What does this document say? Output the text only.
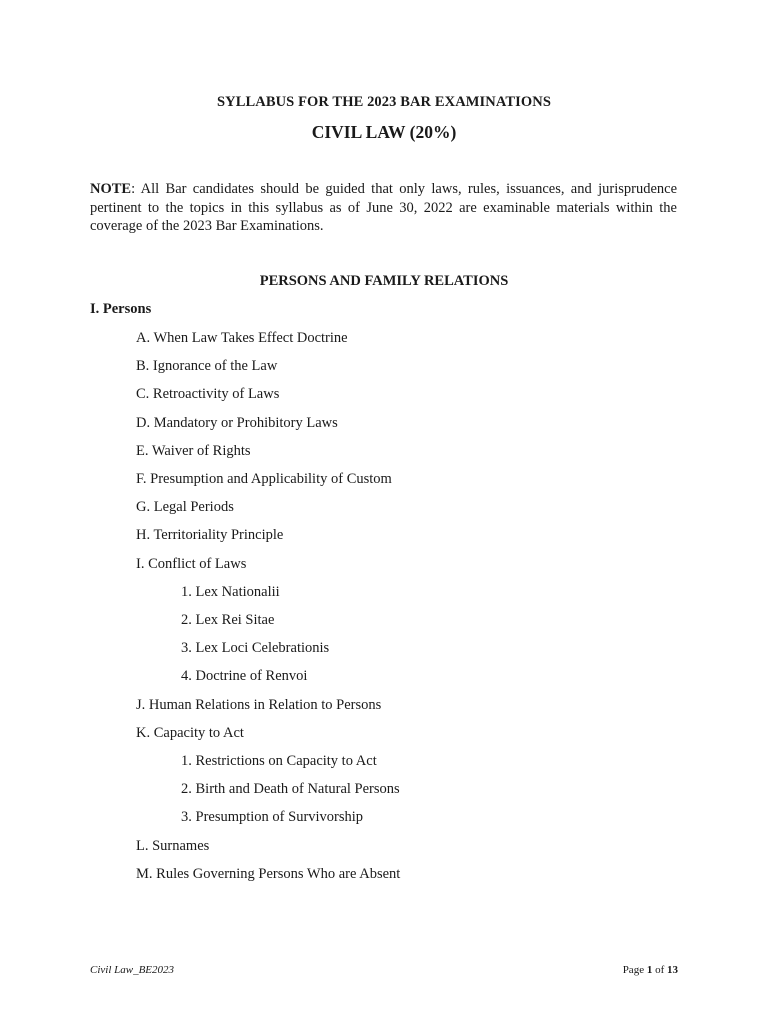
SYLLABUS FOR THE 2023 BAR EXAMINATIONS
CIVIL LAW (20%)
NOTE: All Bar candidates should be guided that only laws, rules, issuances, and jurisprudence pertinent to the topics in this syllabus as of June 30, 2022 are examinable materials within the coverage of the 2023 Bar Examinations.
PERSONS AND FAMILY RELATIONS
I. Persons
A. When Law Takes Effect Doctrine
B. Ignorance of the Law
C. Retroactivity of Laws
D. Mandatory or Prohibitory Laws
E. Waiver of Rights
F. Presumption and Applicability of Custom
G. Legal Periods
H. Territoriality Principle
I. Conflict of Laws
1. Lex Nationalii
2. Lex Rei Sitae
3. Lex Loci Celebrationis
4. Doctrine of Renvoi
J. Human Relations in Relation to Persons
K. Capacity to Act
1. Restrictions on Capacity to Act
2. Birth and Death of Natural Persons
3. Presumption of Survivorship
L. Surnames
M. Rules Governing Persons Who are Absent
Civil Law_BE2023	Page 1 of 13
